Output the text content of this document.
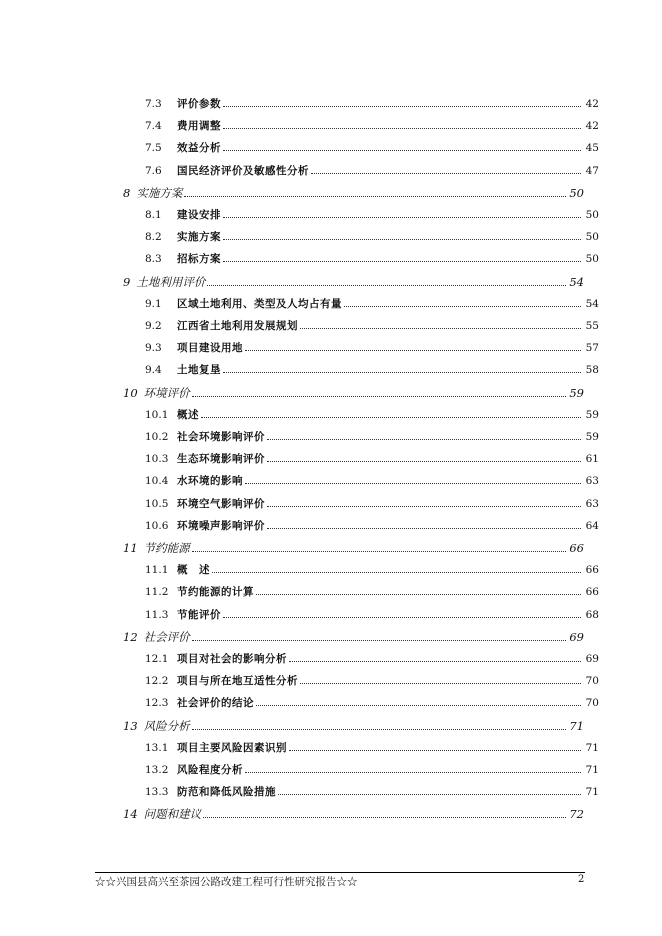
7.3	评价参数	42
7.4	费用调整	42
7.5	效益分析	45
7.6	国民经济评价及敏感性分析	47
8 实施方案	50
8.1	建设安排	50
8.2	实施方案	50
8.3	招标方案	50
9 土地利用评价	54
9.1	区域土地利用、类型及人均占有量	54
9.2	江西省土地利用发展规划	55
9.3	项目建设用地	57
9.4	土地复垦	58
10 环境评价	59
10.1 概述	59
10.2 社会环境影响评价	59
10.3 生态环境影响评价	61
10.4 水环境的影响	63
10.5 环境空气影响评价	63
10.6 环境噪声影响评价	64
11 节约能源	66
11.1 概　述	66
11.2 节约能源的计算	66
11.3 节能评价	68
12 社会评价	69
12.1 项目对社会的影响分析	69
12.2 项目与所在地互适性分析	70
12.3 社会评价的结论	70
13 风险分析	71
13.1 项目主要风险因素识别	71
13.2 风险程度分析	71
13.3 防范和降低风险措施	71
14 问题和建议	72
☆☆兴国县高兴至茶园公路改建工程可行性研究报告☆☆	2
